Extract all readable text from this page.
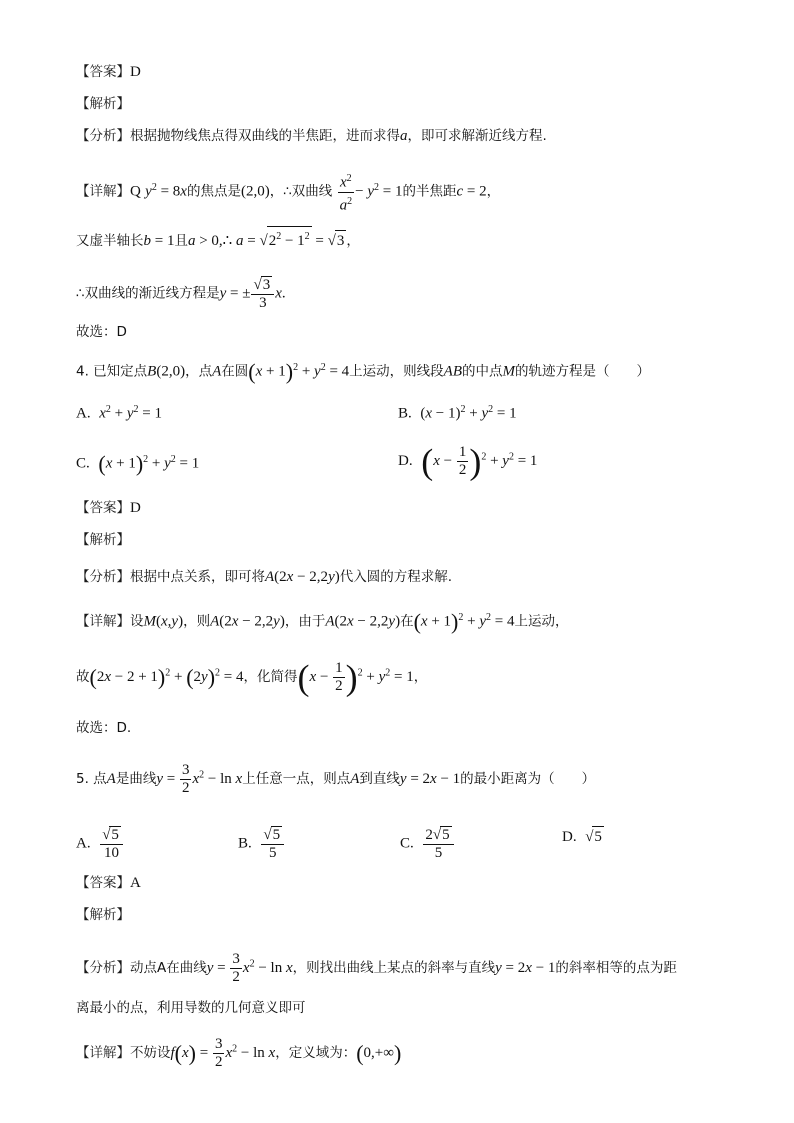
【答案】D
【解析】
【分析】根据抛物线焦点得双曲线的半焦距，进而求得a，即可求解渐近线方程.
【详解】Q $y^2 = 8x$的焦点是(2,0)，∴双曲线 $\frac{x^2}{a^2} - y^2 = 1$的半焦距c = 2，
又虚半轴长b = 1且a > 0,∴ $a = √2^2 - 1^2 = √3$ ，
∴双曲线的渐近线方程是y = ± $\frac{√3}{3} x$.
故选：D
4. 已知定点B(2,0)，点A在圆$(x + 1)^2 + y^2 = 4$上运动，则线段AB的中点M的轨迹方程是（　　）
A. $x^2 + y^2 = 1$	B. $(x - 1)^2 + y^2 = 1$
C. $(x + 1)^2 + y^2 = 1$	D. $(x - \frac{1}{2} )^2 + y^2 = 1$
【答案】D
【解析】
【分析】根据中点关系，即可将A(2x − 2,2y)代入圆的方程求解.
【详解】设M(x,y)，则A(2x − 2,2y)，由于A(2x − 2,2y)在$(x + 1)^2 + y^2 = 4$上运动，
故$(2x - 2 + 1)^2 + (2y)^2 = 4$，化简得$(x - \frac{1}{2} )^2 + y^2 = 1$，
故选：D.
5. 点A是曲线$y = \frac{3}{2} x^2 - \ln x$上任意一点，则点A到直线y = 2x − 1的最小距离为（　　）
A. $\frac{√5}{10}$	B. $\frac{√5}{5}$	C. $\frac{2√5}{5}$	D. √5
【答案】A
【解析】
【分析】动点A在曲线$y = \frac{3}{2} x^2 - \ln x$，则找出曲线上某点的斜率与直线y = 2x − 1的斜率相等的点为距
离最小的点，利用导数的几何意义即可
【详解】不妨设$f(x) = \frac{3}{2} x^2 - \ln x$，定义域为：(0,+∞)
